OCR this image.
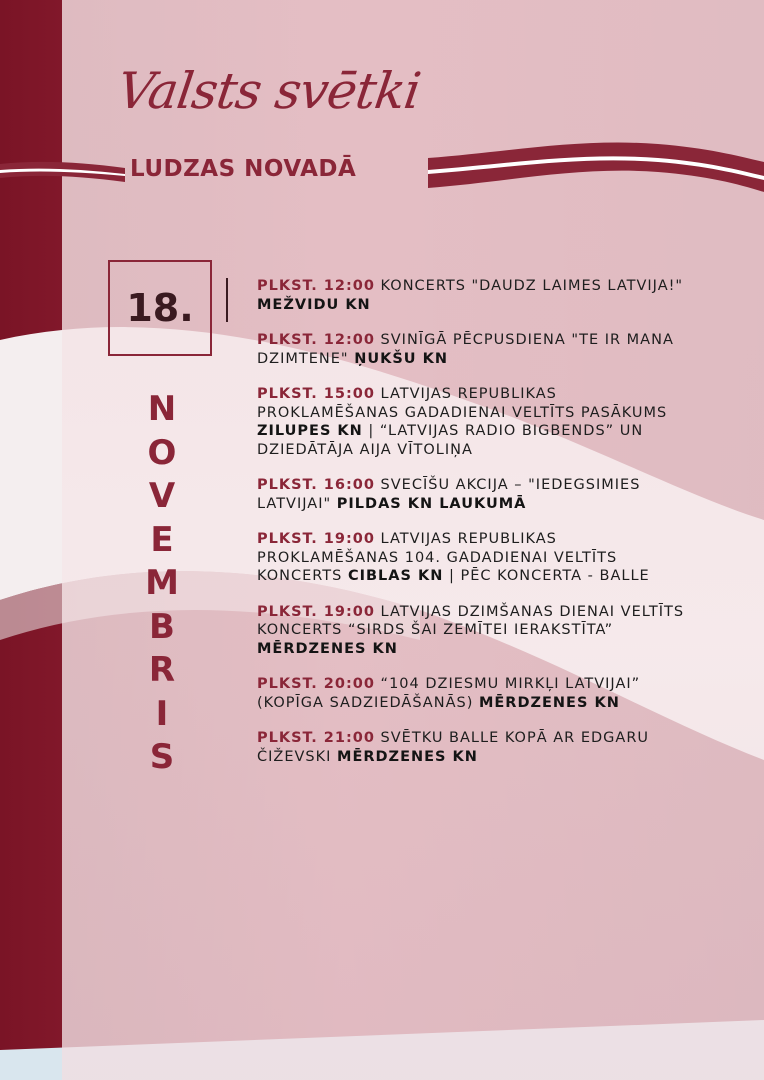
Valsts svētki
LUDZAS NOVADĀ
18.
N
O
V
E
M
B
R
I
S
PLKST. 12:00 KONCERTS "DAUDZ LAIMES LATVIJA!" MEŽVIDU KN
PLKST. 12:00 SVINĪGĀ PĒCPUSDIENA "TE IR MANA DZIMTENE" ŅUKŠU KN
PLKST. 15:00 LATVIJAS REPUBLIKAS PROKLAMĒŠANAS GADADIENAI VELTĪTS PASĀKUMS ZILUPES KN | “LATVIJAS RADIO BIGBENDS” UN DZIEDĀTĀJA AIJA VĪTOLIŅA
PLKST. 16:00 SVECĪŠU AKCIJA – "IEDEGSIMIES LATVIJAI" PILDAS KN LAUKUMĀ
PLKST. 19:00 LATVIJAS REPUBLIKAS PROKLAMĒŠANAS 104. GADADIENAI VELTĪTS KONCERTS CIBLAS KN | PĒC KONCERTA - BALLE
PLKST. 19:00 LATVIJAS DZIMŠANAS DIENAI VELTĪTS KONCERTS “SIRDS ŠAI ZEMĪTEI IERAKSTĪTA” MĒRDZENES KN
PLKST. 20:00 “104 DZIESMU MIRKĻI LATVIJAI” (KOPĪGA SADZIEDĀŠANĀS) MĒRDZENES KN
PLKST. 21:00 SVĒTKU BALLE KOPĀ AR EDGARU ČIŽEVSKI MĒRDZENES KN
